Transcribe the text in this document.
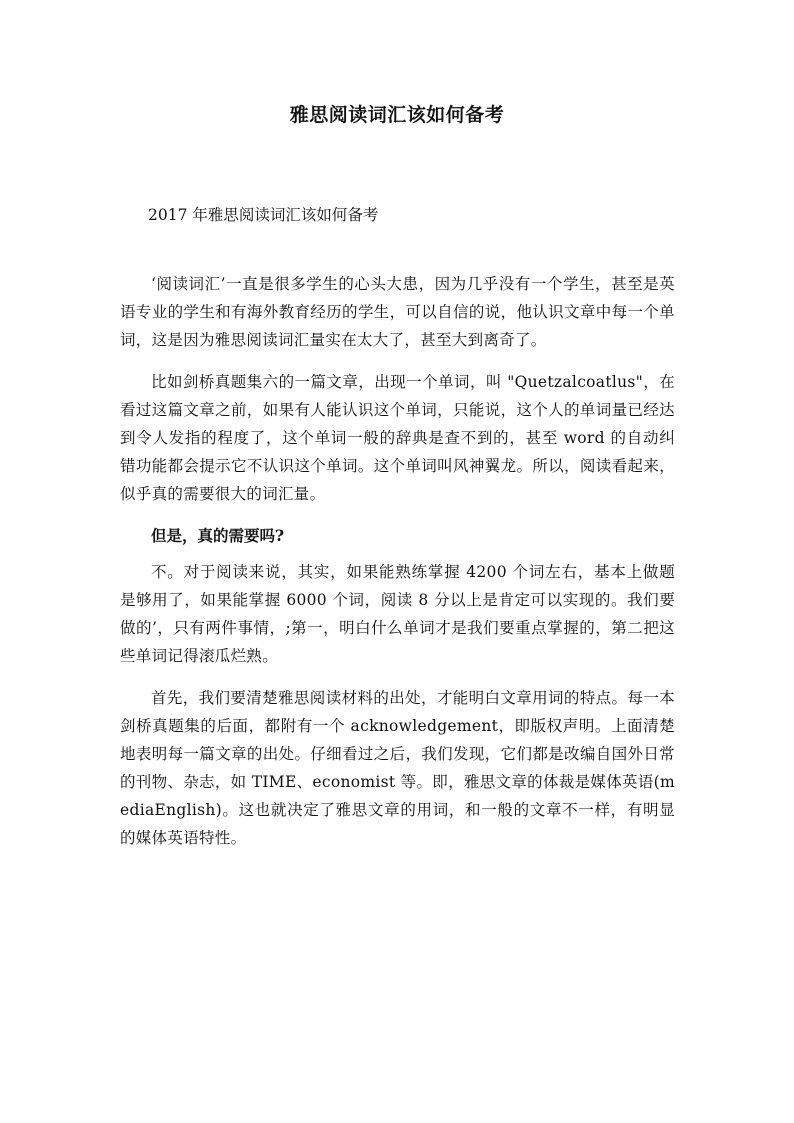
雅思阅读词汇该如何备考
2017 年雅思阅读词汇该如何备考

‘阅读词汇’一直是很多学生的心头大患，因为几乎没有一个学生，甚至是英语专业的学生和有海外教育经历的学生，可以自信的说，他认识文章中每一个单词，这是因为雅思阅读词汇量实在太大了，甚至大到离奇了。

比如剑桥真题集六的一篇文章，出现一个单词，叫 "Quetzalcoatlus"，在看过这篇文章之前，如果有人能认识这个单词，只能说，这个人的单词量已经达到令人发指的程度了，这个单词一般的辞典是查不到的，甚至 word 的自动纠错功能都会提示它不认识这个单词。这个单词叫风神翼龙。所以，阅读看起来，似乎真的需要很大的词汇量。

但是，真的需要吗?

不。对于阅读来说，其实，如果能熟练掌握 4200 个词左右，基本上做题是够用了，如果能掌握 6000 个词，阅读 8 分以上是肯定可以实现的。我们要做的’，只有两件事情，;第一，明白什么单词才是我们要重点掌握的，第二把这些单词记得滚瓜烂熟。

首先，我们要清楚雅思阅读材料的出处，才能明白文章用词的特点。每一本剑桥真题集的后面，都附有一个 acknowledgement，即版权声明。上面清楚地表明每一篇文章的出处。仔细看过之后，我们发现，它们都是改编自国外日常的刊物、杂志，如 TIME、economist 等。即，雅思文章的体裁是媒体英语(mediaEnglish)。这也就决定了雅思文章的用词，和一般的文章不一样，有明显的媒体英语特性。
